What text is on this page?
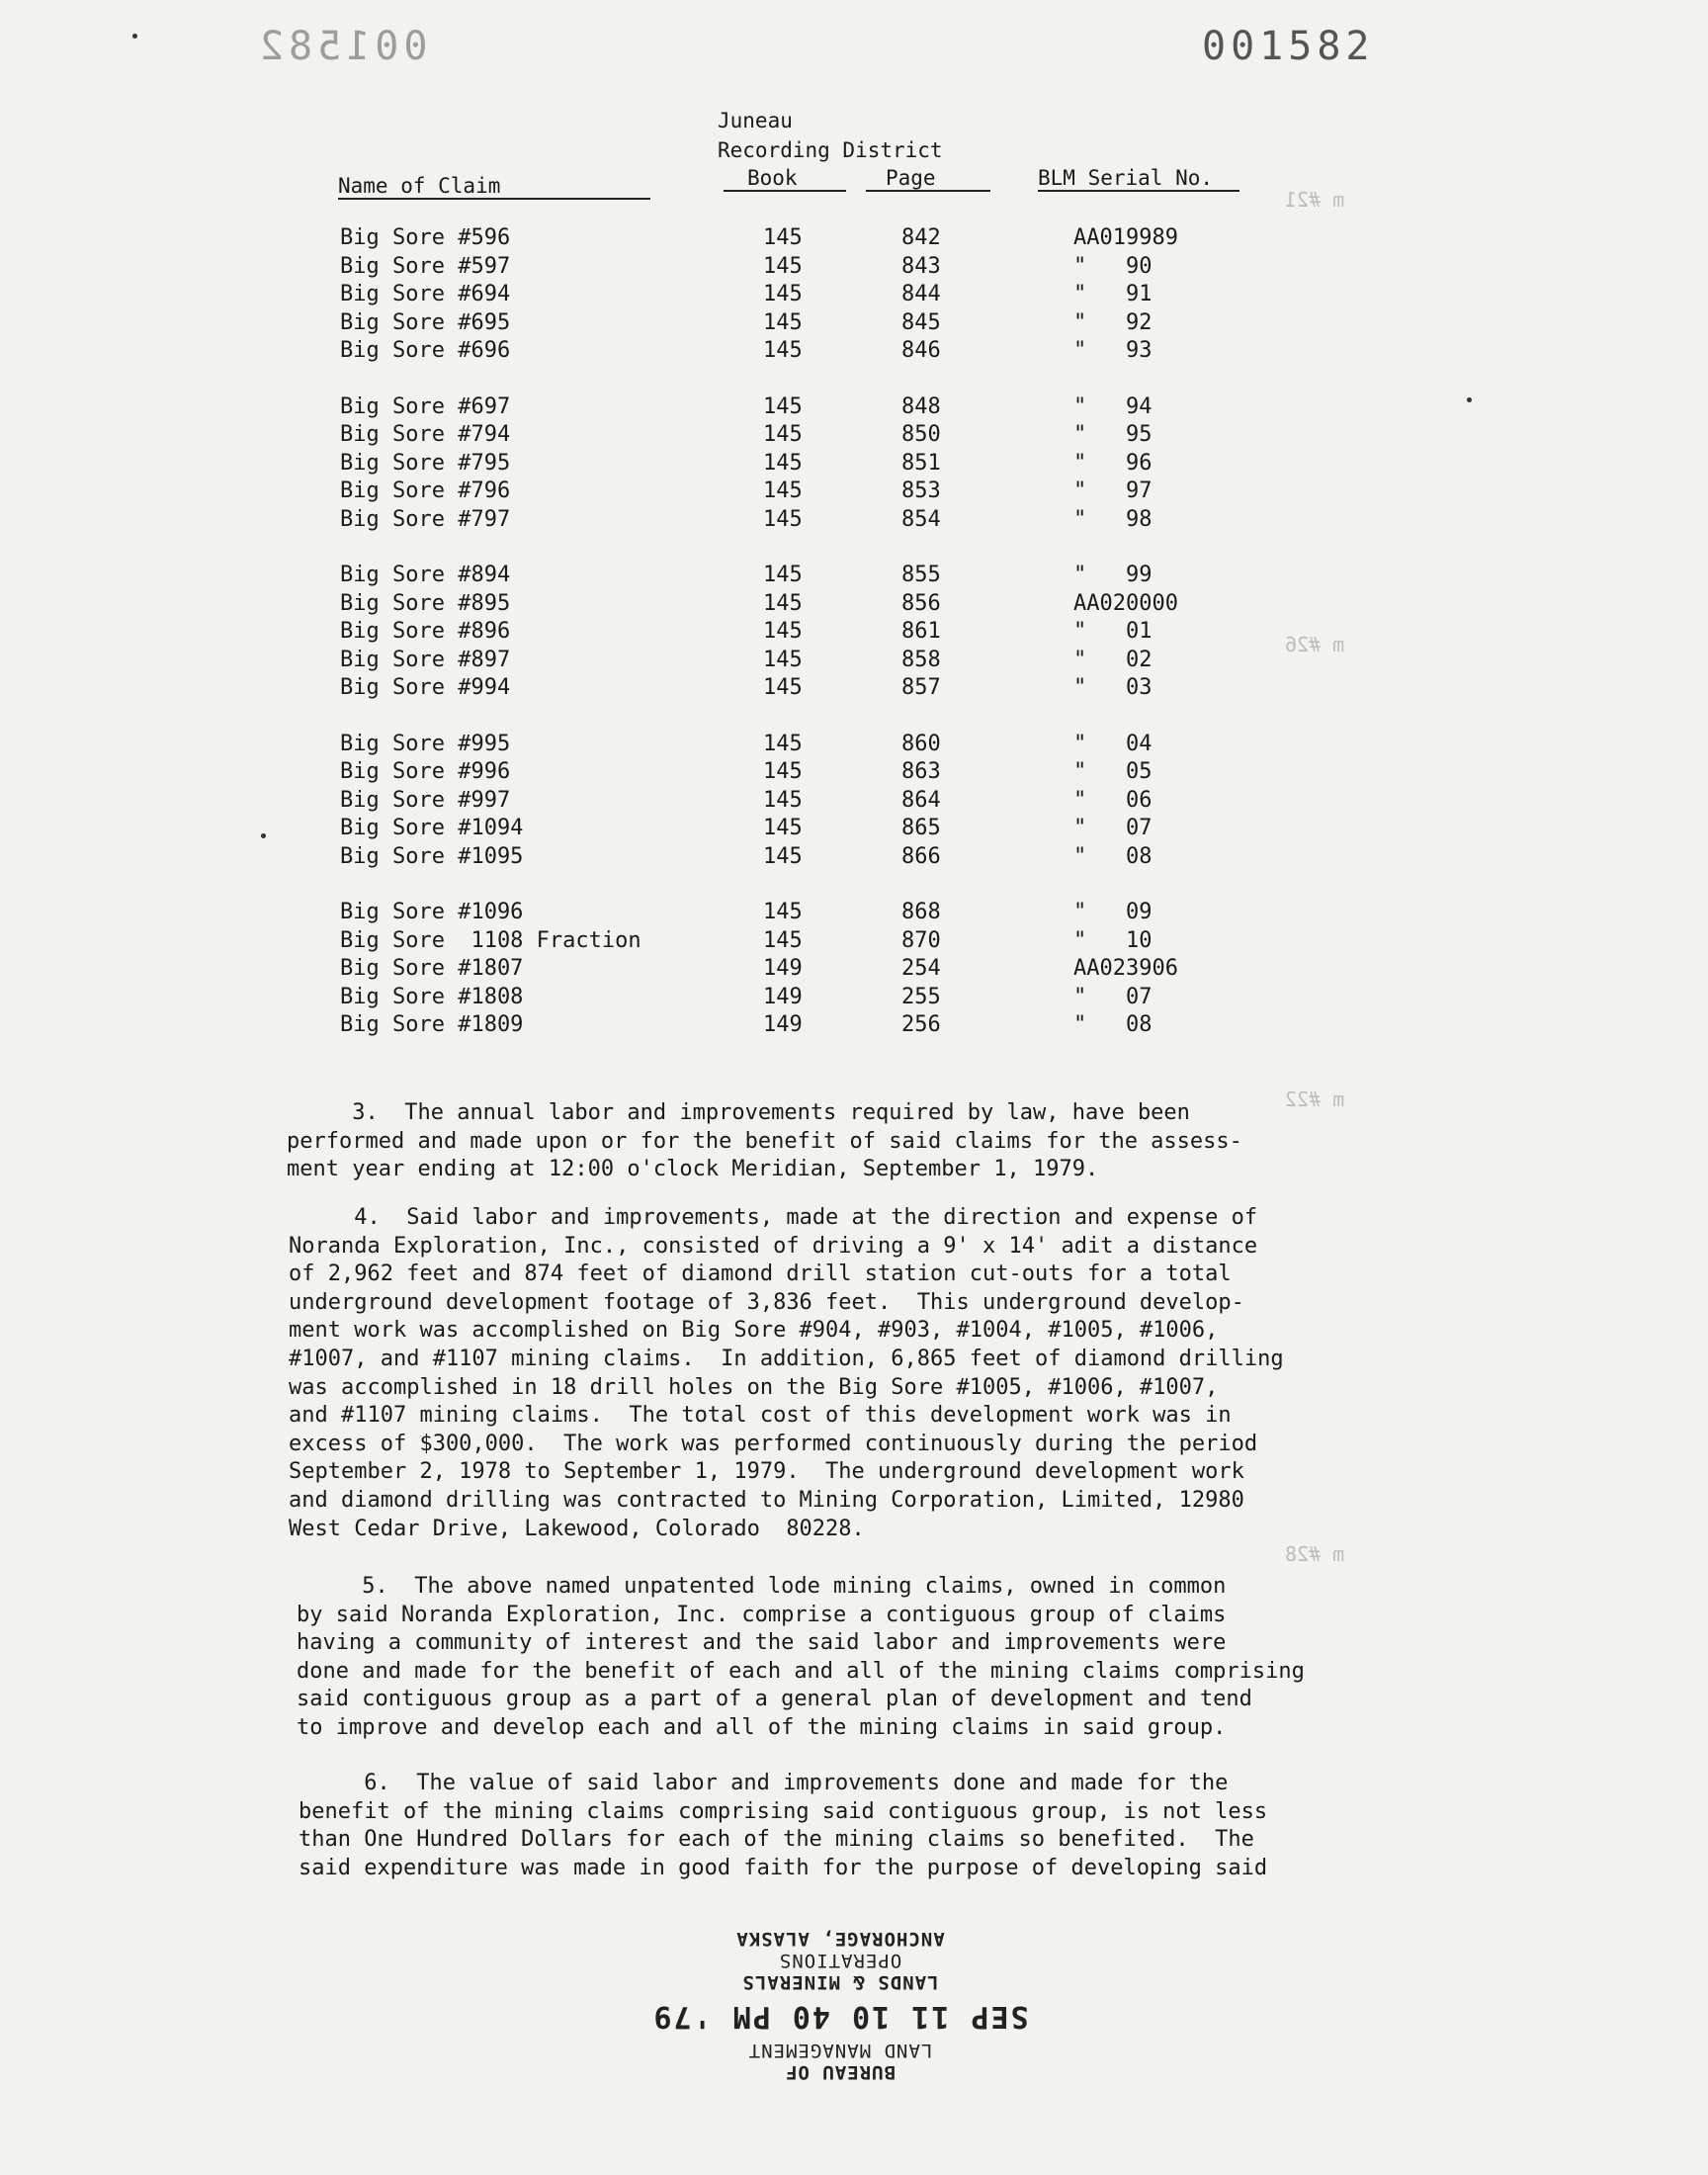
001582	001582
m #21
m #26
m #22
m #28
Juneau
Recording District
Name of Claim	Book	Page	BLM Serial No.
Big Sore #596	145	842	AA019989
Big Sore #597	145	843	"   90
Big Sore #694	145	844	"   91
Big Sore #695	145	845	"   92
Big Sore #696	145	846	"   93
Big Sore #697	145	848	"   94
Big Sore #794	145	850	"   95
Big Sore #795	145	851	"   96
Big Sore #796	145	853	"   97
Big Sore #797	145	854	"   98
Big Sore #894	145	855	"   99
Big Sore #895	145	856	AA020000
Big Sore #896	145	861	"   01
Big Sore #897	145	858	"   02
Big Sore #994	145	857	"   03
Big Sore #995	145	860	"   04
Big Sore #996	145	863	"   05
Big Sore #997	145	864	"   06
Big Sore #1094	145	865	"   07
Big Sore #1095	145	866	"   08
Big Sore #1096	145	868	"   09
Big Sore  1108 Fraction	145	870	"   10
Big Sore #1807	149	254	AA023906
Big Sore #1808	149	255	"   07
Big Sore #1809	149	256	"   08
3.  The annual labor and improvements required by law, have been
performed and made upon or for the benefit of said claims for the assess-
ment year ending at 12:00 o'clock Meridian, September 1, 1979.
4.  Said labor and improvements, made at the direction and expense of
Noranda Exploration, Inc., consisted of driving a 9' x 14' adit a distance
of 2,962 feet and 874 feet of diamond drill station cut-outs for a total
underground development footage of 3,836 feet.  This underground develop-
ment work was accomplished on Big Sore #904, #903, #1004, #1005, #1006,
#1007, and #1107 mining claims.  In addition, 6,865 feet of diamond drilling
was accomplished in 18 drill holes on the Big Sore #1005, #1006, #1007,
and #1107 mining claims.  The total cost of this development work was in
excess of $300,000.  The work was performed continuously during the period
September 2, 1978 to September 1, 1979.  The underground development work
and diamond drilling was contracted to Mining Corporation, Limited, 12980
West Cedar Drive, Lakewood, Colorado  80228.
5.  The above named unpatented lode mining claims, owned in common
by said Noranda Exploration, Inc. comprise a contiguous group of claims
having a community of interest and the said labor and improvements were
done and made for the benefit of each and all of the mining claims comprising
said contiguous group as a part of a general plan of development and tend
to improve and develop each and all of the mining claims in said group.
6.  The value of said labor and improvements done and made for the
benefit of the mining claims comprising said contiguous group, is not less
than One Hundred Dollars for each of the mining claims so benefited.  The
said expenditure was made in good faith for the purpose of developing said
BUREAU OF
LAND MANAGEMENT
SEP 11 10 40 PM '79
LANDS & MINERALS
OPERATIONS
ANCHORAGE, ALASKA
